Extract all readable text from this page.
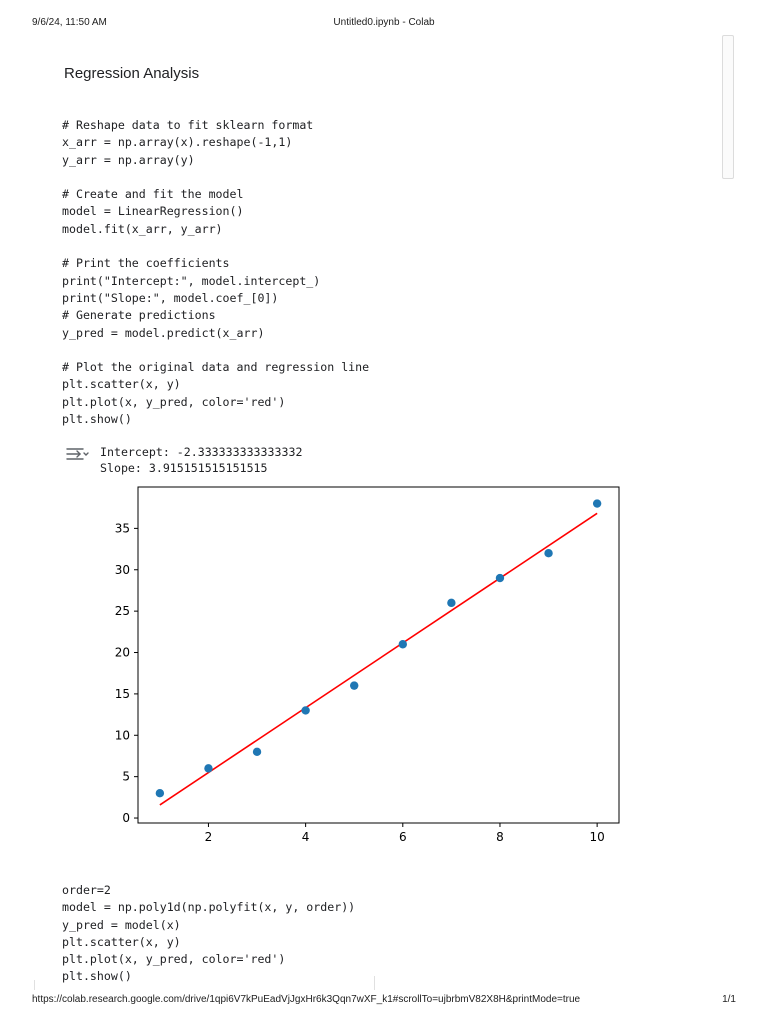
9/6/24, 11:50 AM	Untitled0.ipynb - Colab
Regression Analysis
# Reshape data to fit sklearn format
x_arr = np.array(x).reshape(-1,1)
y_arr = np.array(y)

# Create and fit the model
model = LinearRegression()
model.fit(x_arr, y_arr)

# Print the coefficients
print("Intercept:", model.intercept_)
print("Slope:", model.coef_[0])
# Generate predictions
y_pred = model.predict(x_arr)

# Plot the original data and regression line
plt.scatter(x, y)
plt.plot(x, y_pred, color='red')
plt.show()
Intercept: -2.333333333333332
Slope: 3.915151515151515
2	4	6	8	10
0
5
10
15
20
25
30
35
order=2
model = np.poly1d(np.polyfit(x, y, order))
y_pred = model(x)
plt.scatter(x, y)
plt.plot(x, y_pred, color='red')
plt.show()
https://colab.research.google.com/drive/1qpi6V7kPuEadVjJgxHr6k3Qqn7wXF_k1#scrollTo=ujbrbmV82X8H&printMode=true	1/1
